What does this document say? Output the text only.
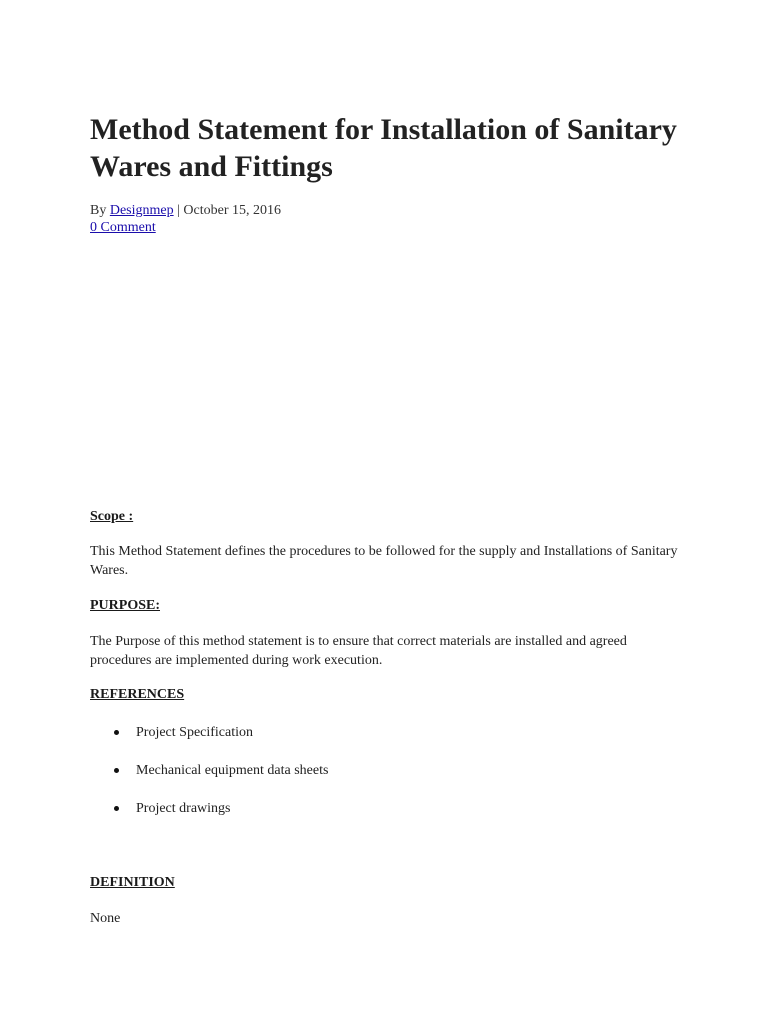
Method Statement for Installation of Sanitary Wares and Fittings
By Designmep | October 15, 2016
0 Comment
Scope :

This Method Statement defines the procedures to be followed for the supply and Installations of Sanitary Wares.

PURPOSE:

The Purpose of this method statement is to ensure that correct materials are installed and agreed procedures are implemented during work execution.

REFERENCES
Project Specification
Mechanical equipment data sheets
Project drawings
DEFINITION

None
